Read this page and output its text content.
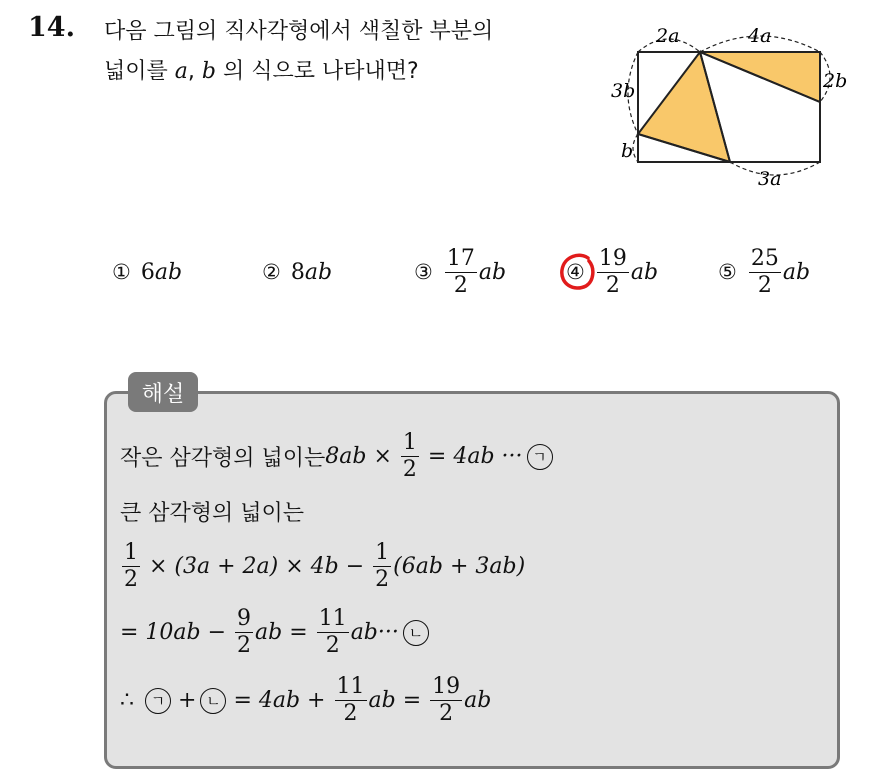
14. 다음 그림의 직사각형에서 색칠한 부분의
넓이를 a, b 의 식으로 나타내면?
2a	4a
3b	2b
b
3a
① 6 ab	② 8 ab	③ $\frac{17}{2}$ ab	④ $\frac{19}{2}$ ab	⑤ $\frac{25}{2}$ ab
해설
작은 삼각형의 넓이는 8ab
×
$\frac{1}{2}$
= 4ab ··· ㄱ
큰 삼각형의 넓이는
$\frac{1}{2}$
× (3a + 2a) × 4b −
$\frac{1}{2} (6ab + 3ab)$
= 10ab −
$\frac{9}{2}$ ab =
$\frac{11}{2} ab\cdot\cdot\cdot$ ㄴ
∴
	ㄱ
+ ㄴ
= 4ab +
$\frac{11}{2}$ ab =
$\frac{19}{2}$ ab
